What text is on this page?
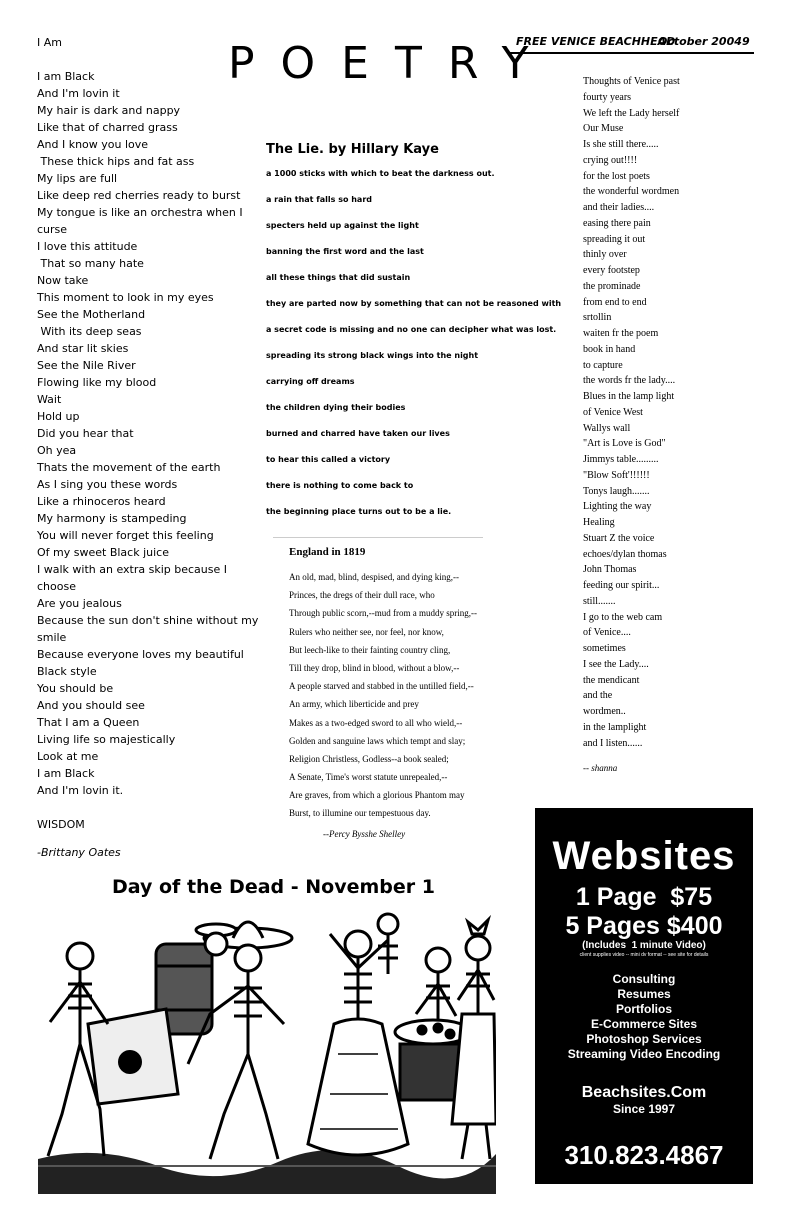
FREE VENICE BEACHHEAD
October 2004 9
POETRY
I Am
I am Black
And I'm lovin it
My hair is dark and nappy
Like that of charred grass
And I know you love
These thick hips and fat ass
My lips are full
Like deep red cherries ready to burst
My tongue is like an orchestra when I curse
I love this attitude
That so many hate
Now take
This moment to look in my eyes
See the Motherland
With its deep seas
And star lit skies
See the Nile River
Flowing like my blood
Wait
Hold up
Did you hear that
Oh yea
Thats the movement of the earth
As I sing you these words
Like a rhinoceros heard
My harmony is stampeding
You will never forget this feeling
Of my sweet Black juice
I walk with an extra skip because I choose
Are you jealous
Because the sun don't shine without my smile
Because everyone loves my beautiful Black style
You should be
And you should see
That I am a Queen
Living life so majestically
Look at me
I am Black
And I'm lovin it.
WISDOM
-Brittany Oates
The Lie. by Hillary Kaye
a 1000 sticks with which to beat the darkness out.
a rain that falls so hard
specters held up against the light
banning the first word and the last
all these things that did sustain
they are parted now by something that can not be reasoned with
a secret code is missing and no one can decipher what was lost.
spreading its strong black wings into the night
carrying off dreams
the children dying their bodies
burned and charred have taken our lives
to hear this called a victory
there is nothing to come back to
the beginning place turns out to be a lie.
England in 1819
An old, mad, blind, despised, and dying king,--
Princes, the dregs of their dull race, who
Through public scorn,--mud from a muddy spring,--
Rulers who neither see, nor feel, nor know,
But leech-like to their fainting country cling,
Till they drop, blind in blood, without a blow,--
A people starved and stabbed in the untilled field,--
An army, which liberticide and prey
Makes as a two-edged sword to all who wield,--
Golden and sanguine laws which tempt and slay;
Religion Christless, Godless--a book sealed;
A Senate, Time's worst statute unrepealed,--
Are graves, from which a glorious Phantom may
Burst, to illumine our tempestuous day.
--Percy Bysshe Shelley
Thoughts of Venice past
fourty years
We left the Lady herself
Our Muse
Is she still there.....
crying out!!!!
for the lost poets
the wonderful wordmen
and their ladies....
easing there pain
spreading it out
thinly over
every footstep
the prominade
from end to end
srtollin
waiten fr the poem
book in hand
to capture
the words fr the lady....
Blues in the lamp light
of Venice West
Wallys wall
"Art is Love is God"
Jimmys table.........
"Blow Soft'!!!!!!
Tonys laugh.......
Lighting the way
Healing
Stuart Z the voice
echoes/dylan thomas
John Thomas
feeding our spirit...
still.......
I go to the web cam
of Venice....
sometimes
I see the Lady....
the mendicant
and the
wordmen..
in the lamplight
and I listen......
-- shanna
Websites
1 Page  $75
5 Pages $400
(Includes  1 minute Video)
client supplies video -- mini dv format -- see site for details
Consulting
Resumes
Portfolios
E-Commerce Sites
Photoshop Services
Streaming Video Encoding
Beachsites.Com
Since 1997
310.823.4867
Day of the Dead - November 1
